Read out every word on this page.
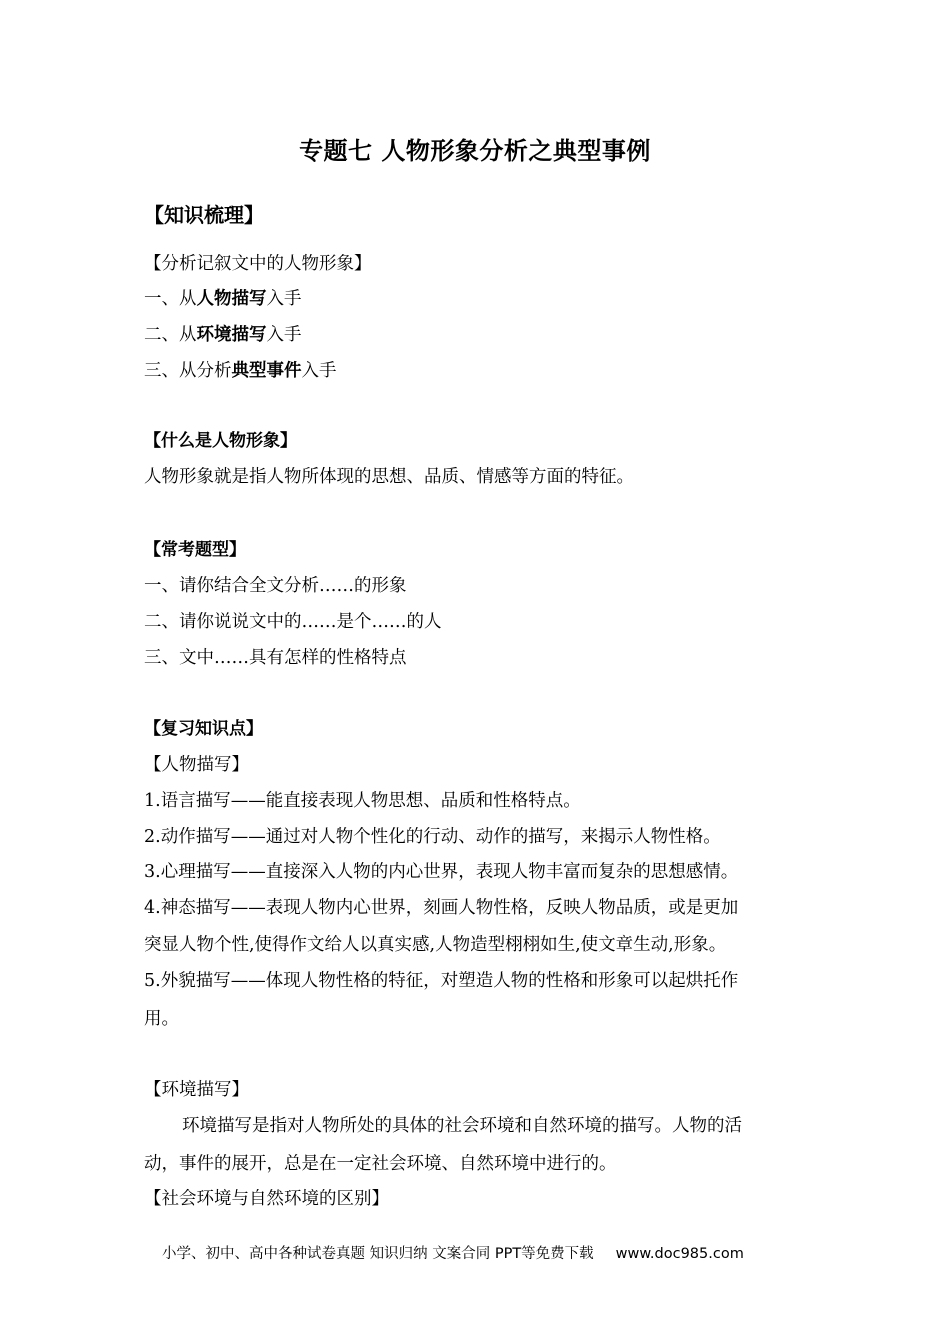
专题七 人物形象分析之典型事例
【知识梳理】
【分析记叙文中的人物形象】
一、从人物描写入手
二、从环境描写入手
三、从分析典型事件入手
【什么是人物形象】
人物形象就是指人物所体现的思想、品质、情感等方面的特征。
【常考题型】
一、请你结合全文分析……的形象
二、请你说说文中的……是个……的人
三、文中……具有怎样的性格特点
【复习知识点】
【人物描写】
1.语言描写——能直接表现人物思想、品质和性格特点。
2.动作描写——通过对人物个性化的行动、动作的描写，来揭示人物性格。
3.心理描写——直接深入人物的内心世界，表现人物丰富而复杂的思想感情。
4.神态描写——表现人物内心世界，刻画人物性格，反映人物品质，或是更加
突显人物个性,使得作文给人以真实感,人物造型栩栩如生,使文章生动,形象。
5.外貌描写——体现人物性格的特征，对塑造人物的性格和形象可以起烘托作
用。
【环境描写】
环境描写是指对人物所处的具体的社会环境和自然环境的描写。人物的活
动，事件的展开，总是在一定社会环境、自然环境中进行的。
【社会环境与自然环境的区别】
小学、初中、高中各种试卷真题 知识归纳 文案合同 PPT等免费下载 www.doc985.com
